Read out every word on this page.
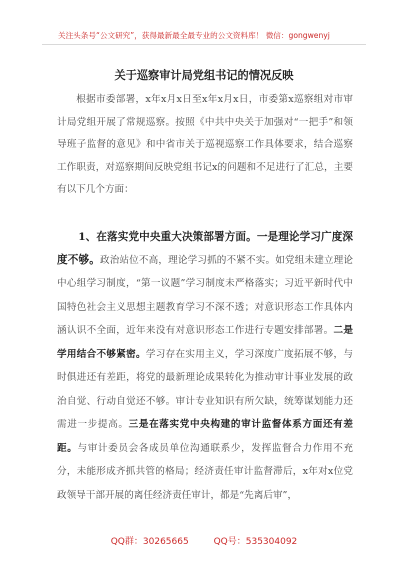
关注头条号“公文研究”，获得最新最全最专业的公文资料库！ 微信：gongwenyj
关于巡察审计局党组书记的情况反映
根据市委部署，x年x月x日至x年x月x日，市委第x巡察组对市审计局党组开展了常规巡察。按照《中共中央关于加强对“一把手”和领导班子监督的意见》和中省市关于巡视巡察工作具体要求，结合巡察工作职责，对巡察期间反映党组书记x的问题和不足进行了汇总，主要有以下几个方面：
1、在落实党中央重大决策部署方面。一是理论学习广度深度不够。政治站位不高，理论学习抓的不紧不实。如党组未建立理论中心组学习制度，“第一议题”学习制度未严格落实；习近平新时代中国特色社会主义思想主题教育学习不深不透；对意识形态工作具体内涵认识不全面，近年来没有对意识形态工作进行专题安排部署。二是学用结合不够紧密。学习存在实用主义，学习深度广度拓展不够，与时俱进还有差距，将党的最新理论成果转化为推动审计事业发展的政治自觉、行动自觉还不够。审计专业知识有所欠缺，统筹谋划能力还需进一步提高。三是在落实党中央构建的审计监督体系方面还有差距。与审计委员会各成员单位沟通联系少，发挥监督合力作用不充分，未能形成齐抓共管的格局；经济责任审计监督滞后，x年对x位党政领导干部开展的离任经济责任审计，都是“先离后审”，
QQ群：30265665	QQ号：535304092
